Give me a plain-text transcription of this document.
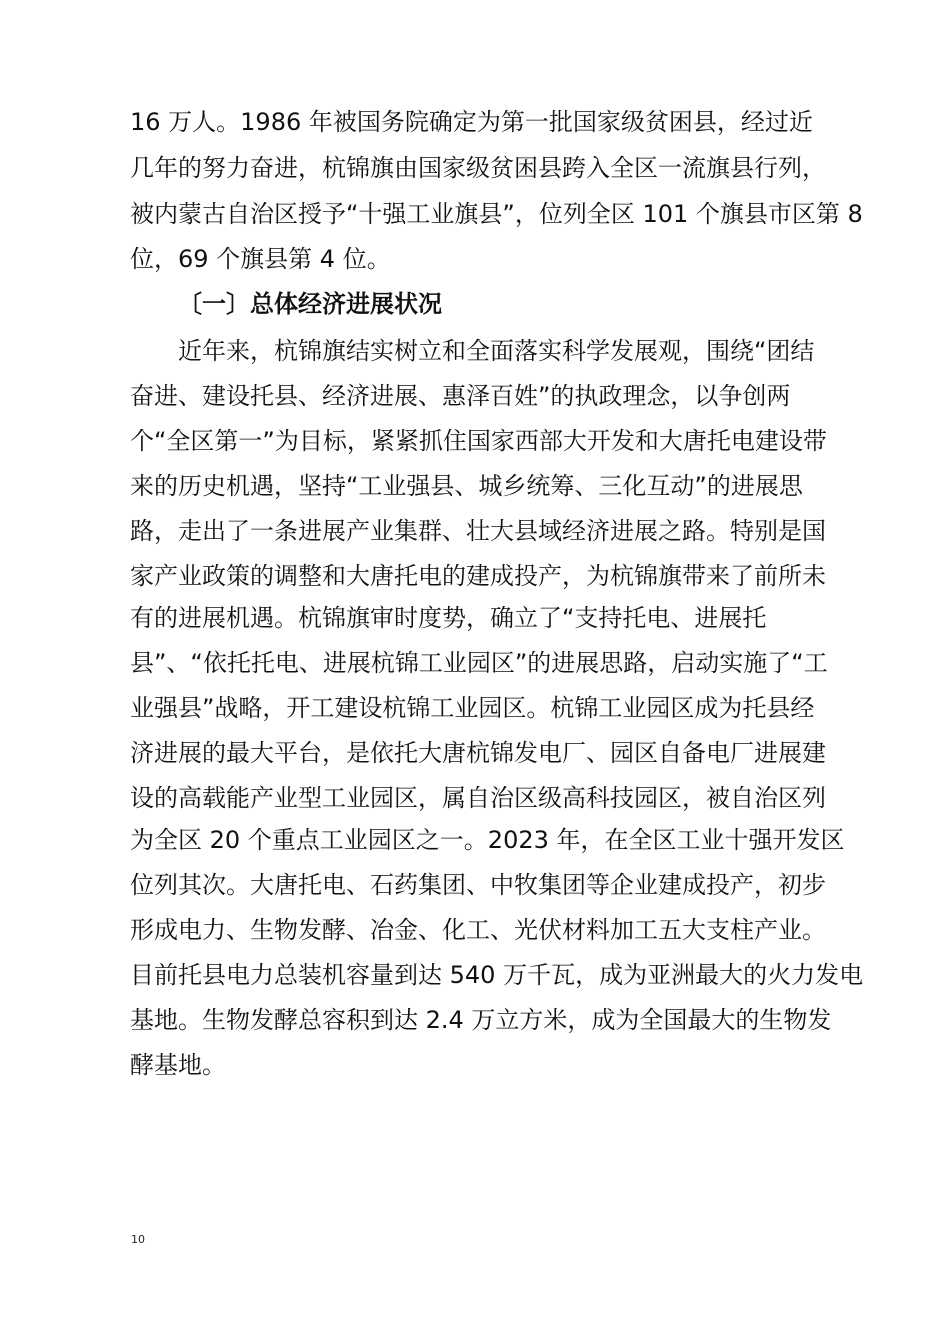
16 万人。1986 年被国务院确定为第一批国家级贫困县，经过近
几年的努力奋进，杭锦旗由国家级贫困县跨入全区一流旗县行列，
被内蒙古自治区授予“十强工业旗县”，位列全区 101 个旗县市区第 8
位，69 个旗县第 4 位。
〔一〕总体经济进展状况
近年来，杭锦旗结实树立和全面落实科学发展观，围绕“团结
奋进、建设托县、经济进展、惠泽百姓”的执政理念，以争创两
个“全区第一”为目标，紧紧抓住国家西部大开发和大唐托电建设带
来的历史机遇，坚持“工业强县、城乡统筹、三化互动”的进展思
路，走出了一条进展产业集群、壮大县域经济进展之路。特别是国
家产业政策的调整和大唐托电的建成投产，为杭锦旗带来了前所未
有的进展机遇。杭锦旗审时度势，确立了“支持托电、进展托
县”、“依托托电、进展杭锦工业园区”的进展思路，启动实施了“工
业强县”战略，开工建设杭锦工业园区。杭锦工业园区成为托县经
济进展的最大平台，是依托大唐杭锦发电厂、园区自备电厂进展建
设的高载能产业型工业园区，属自治区级高科技园区，被自治区列
为全区 20 个重点工业园区之一。2023 年，在全区工业十强开发区
位列其次。大唐托电、石药集团、中牧集团等企业建成投产，初步
形成电力、生物发酵、冶金、化工、光伏材料加工五大支柱产业。
目前托县电力总装机容量到达 540 万千瓦，成为亚洲最大的火力发电
基地。生物发酵总容积到达 2.4 万立方米，成为全国最大的生物发
酵基地。
10
